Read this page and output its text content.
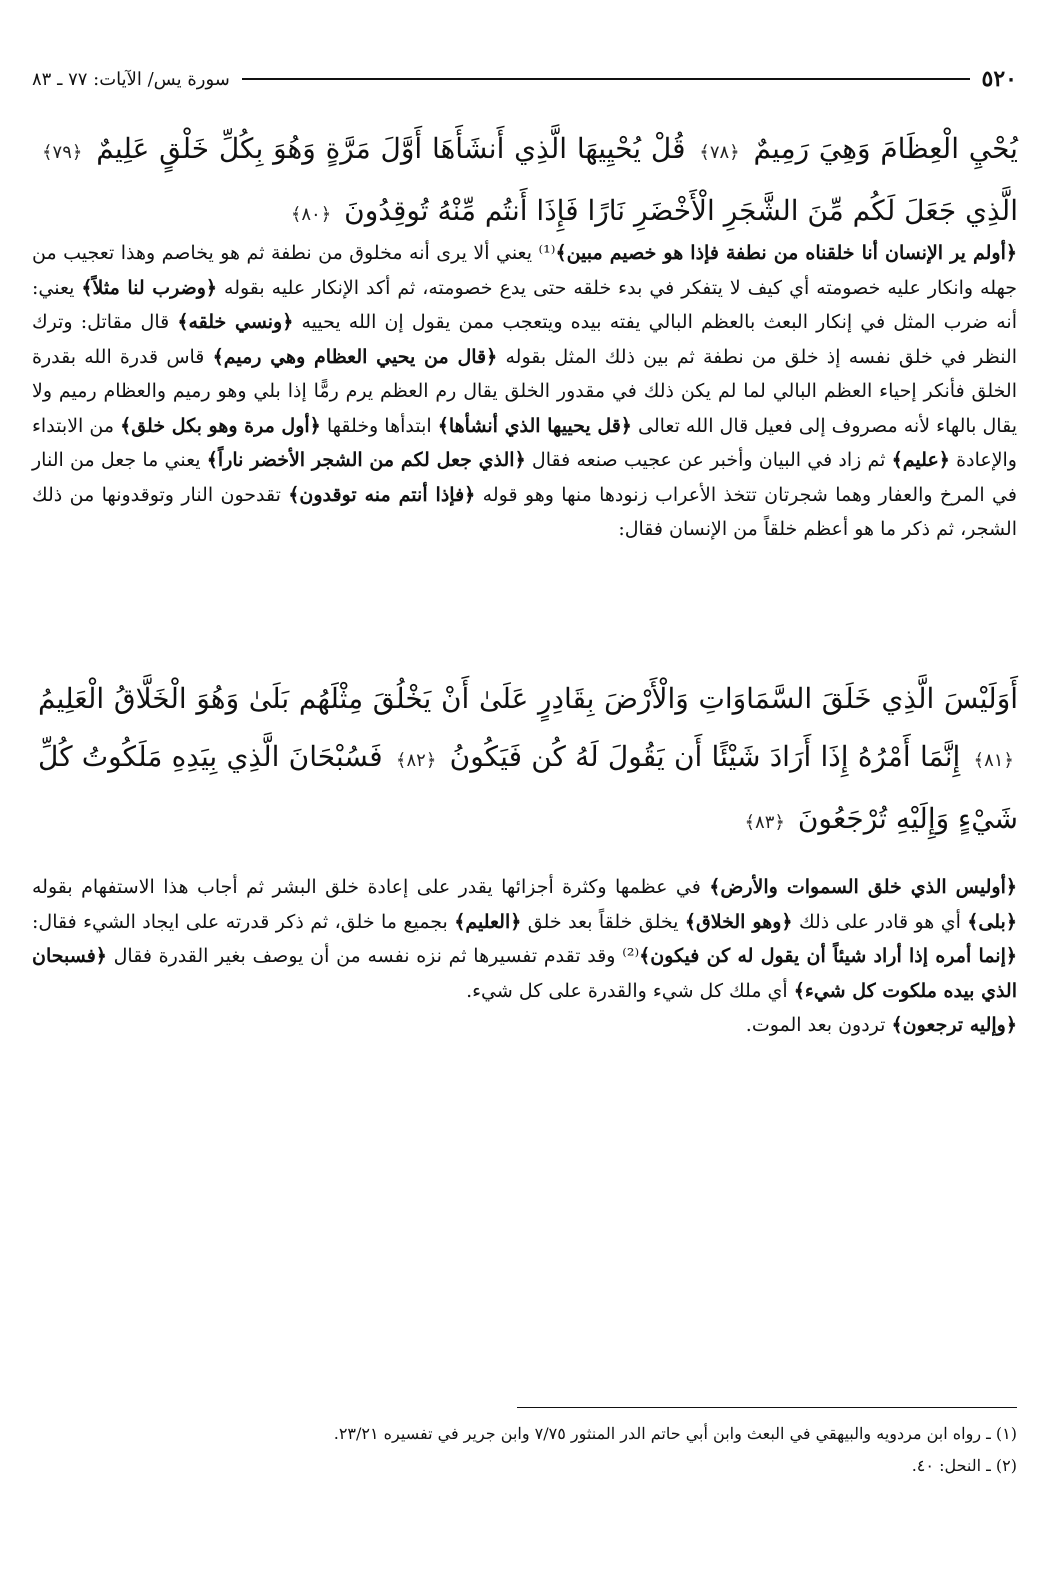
٥٢٠
سورة يس/ الآيات: ٧٧ ـ ٨٣
يُحْيِ الْعِظَامَ وَهِيَ رَمِيمٌ ﴿٧٨﴾ قُلْ يُحْيِيهَا الَّذِي أَنشَأَهَا أَوَّلَ مَرَّةٍ وَهُوَ بِكُلِّ خَلْقٍ عَلِيمٌ ﴿٧٩﴾ الَّذِي جَعَلَ لَكُم مِّنَ الشَّجَرِ الْأَخْضَرِ نَارًا فَإِذَا أَنتُم مِّنْهُ تُوقِدُونَ ﴿٨٠﴾
﴿أولم ير الإنسان أنا خلقناه من نطفة فإذا هو خصيم مبين﴾⁽¹⁾ يعني ألا يرى أنه مخلوق من نطفة ثم هو يخاصم وهذا تعجيب من جهله وانكار عليه خصومته أي كيف لا يتفكر في بدء خلقه حتى يدع خصومته، ثم أكد الإنكار عليه بقوله ﴿وضرب لنا مثلاً﴾ يعني: أنه ضرب المثل في إنكار البعث بالعظم البالي يفته بيده ويتعجب ممن يقول إن الله يحييه ﴿ونسي خلقه﴾ قال مقاتل: وترك النظر في خلق نفسه إذ خلق من نطفة ثم بين ذلك المثل بقوله ﴿قال من يحيي العظام وهي رميم﴾ قاس قدرة الله بقدرة الخلق فأنكر إحياء العظم البالي لما لم يكن ذلك في مقدور الخلق يقال رم العظم يرم رمًّا إذا بلي وهو رميم والعظام رميم ولا يقال بالهاء لأنه مصروف إلى فعيل قال الله تعالى ﴿قل يحييها الذي أنشأها﴾ ابتدأها وخلقها ﴿أول مرة وهو بكل خلق﴾ من الابتداء والإعادة ﴿عليم﴾ ثم زاد في البيان وأخبر عن عجيب صنعه فقال ﴿الذي جعل لكم من الشجر الأخضر ناراً﴾ يعني ما جعل من النار في المرخ والعفار وهما شجرتان تتخذ الأعراب زنودها منها وهو قوله ﴿فإذا أنتم منه توقدون﴾ تقدحون النار وتوقدونها من ذلك الشجر، ثم ذكر ما هو أعظم خلقاً من الإنسان فقال:
أَوَلَيْسَ الَّذِي خَلَقَ السَّمَاوَاتِ وَالْأَرْضَ بِقَادِرٍ عَلَىٰ أَنْ يَخْلُقَ مِثْلَهُم بَلَىٰ وَهُوَ الْخَلَّاقُ الْعَلِيمُ ﴿٨١﴾ إِنَّمَا أَمْرُهُ إِذَا أَرَادَ شَيْئًا أَن يَقُولَ لَهُ كُن فَيَكُونُ ﴿٨٢﴾ فَسُبْحَانَ الَّذِي بِيَدِهِ مَلَكُوتُ كُلِّ شَيْءٍ وَإِلَيْهِ تُرْجَعُونَ ﴿٨٣﴾
﴿أوليس الذي خلق السموات والأرض﴾ في عظمها وكثرة أجزائها يقدر على إعادة خلق البشر ثم أجاب هذا الاستفهام بقوله ﴿بلى﴾ أي هو قادر على ذلك ﴿وهو الخلاق﴾ يخلق خلقاً بعد خلق ﴿العليم﴾ بجميع ما خلق، ثم ذكر قدرته على ايجاد الشيء فقال: ﴿إنما أمره إذا أراد شيئاً أن يقول له كن فيكون﴾⁽²⁾ وقد تقدم تفسيرها ثم نزه نفسه من أن يوصف بغير القدرة فقال ﴿فسبحان الذي بيده ملكوت كل شيء﴾ أي ملك كل شيء والقدرة على كل شيء.
﴿وإليه ترجعون﴾ تردون بعد الموت.
(١) ـ رواه ابن مردويه والبيهقي في البعث وابن أبي حاتم الدر المنثور ٧/٧٥ وابن جرير في تفسيره ٢٣/٢١.
(٢) ـ النحل: ٤٠.
